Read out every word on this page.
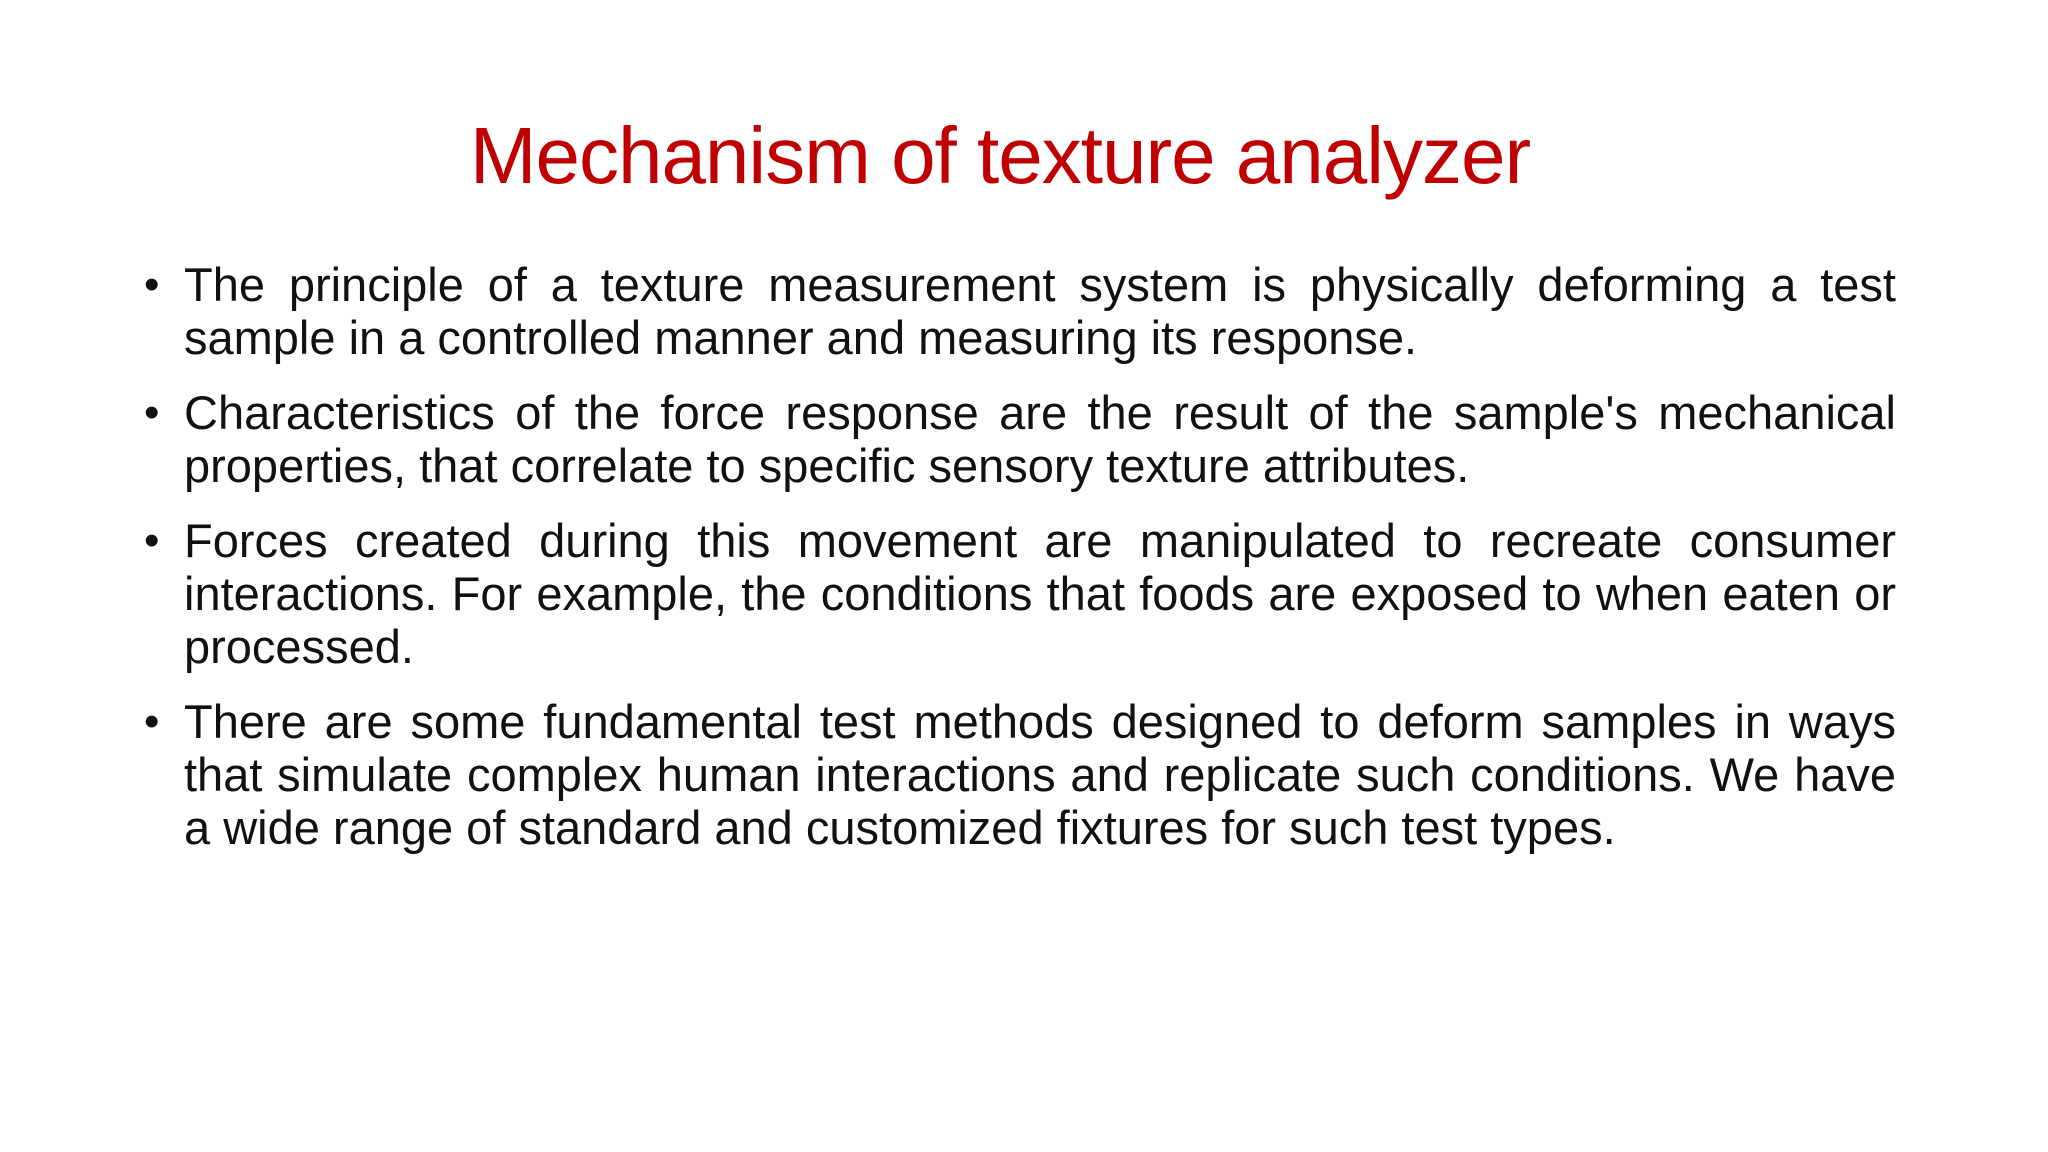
Mechanism of texture analyzer
• The principle of a texture measurement system is physically deforming a test sample in a controlled manner and measuring its response.
• Characteristics of the force response are the result of the sample's mechanical properties, that correlate to specific sensory texture attributes.
• Forces created during this movement are manipulated to recreate consumer interactions. For example, the conditions that foods are exposed to when eaten or processed.
• There are some fundamental test methods designed to deform samples in ways that simulate complex human interactions and replicate such conditions. We have a wide range of standard and customized fixtures for such test types.
